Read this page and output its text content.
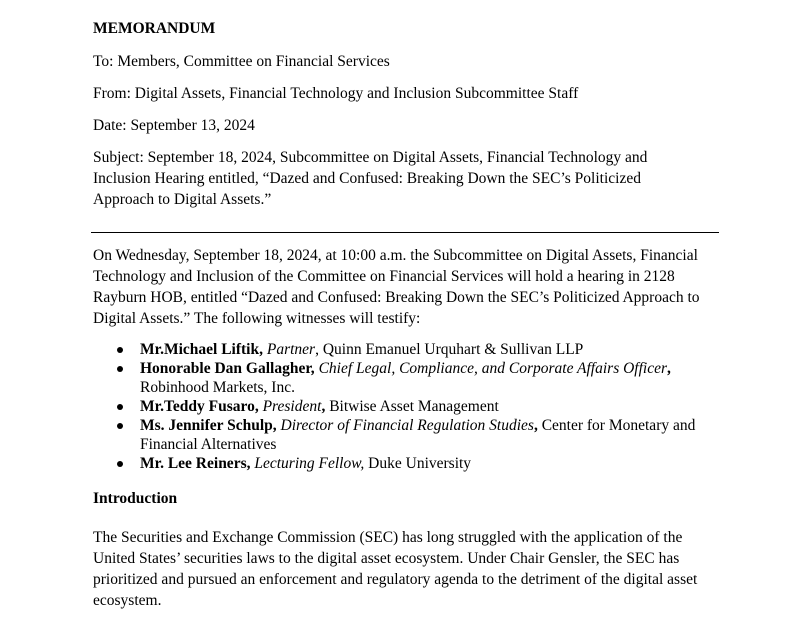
MEMORANDUM
To: Members, Committee on Financial Services
From: Digital Assets, Financial Technology and Inclusion Subcommittee Staff
Date: September 13, 2024
Subject: September 18, 2024, Subcommittee on Digital Assets, Financial Technology and Inclusion Hearing entitled, “Dazed and Confused: Breaking Down the SEC’s Politicized Approach to Digital Assets.”
On Wednesday, September 18, 2024, at 10:00 a.m. the Subcommittee on Digital Assets, Financial Technology and Inclusion of the Committee on Financial Services will hold a hearing in 2128 Rayburn HOB, entitled “Dazed and Confused: Breaking Down the SEC’s Politicized Approach to Digital Assets.” The following witnesses will testify:
Mr.Michael Liftik, Partner, Quinn Emanuel Urquhart & Sullivan LLP
Honorable Dan Gallagher, Chief Legal, Compliance, and Corporate Affairs Officer, Robinhood Markets, Inc.
Mr.Teddy Fusaro, President, Bitwise Asset Management
Ms. Jennifer Schulp, Director of Financial Regulation Studies, Center for Monetary and Financial Alternatives
Mr. Lee Reiners, Lecturing Fellow, Duke University
Introduction
The Securities and Exchange Commission (SEC) has long struggled with the application of the United States’ securities laws to the digital asset ecosystem. Under Chair Gensler, the SEC has prioritized and pursued an enforcement and regulatory agenda to the detriment of the digital asset ecosystem.
